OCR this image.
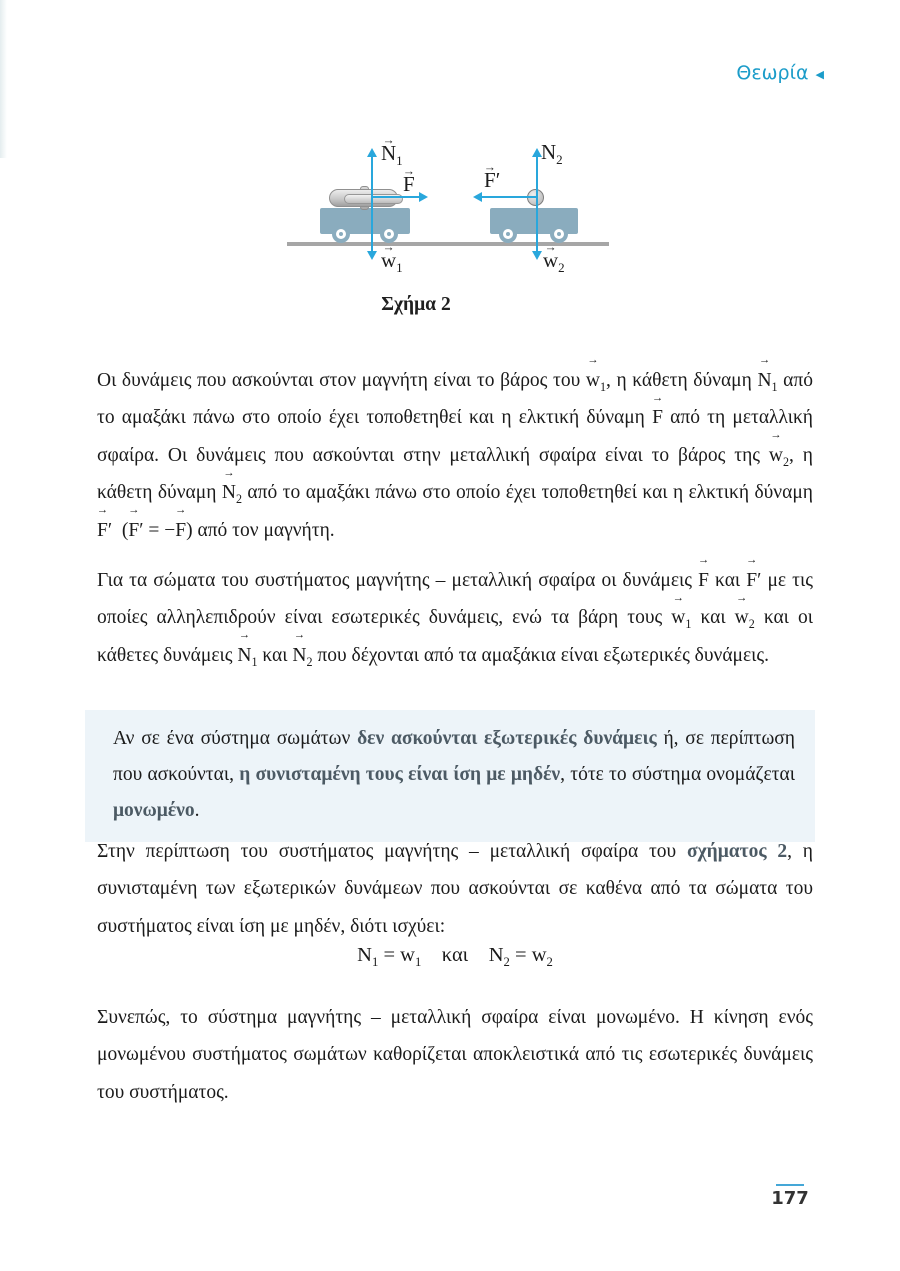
Θεωρία ◀
$N \to_1$
F →
$w \to_1$
$N_2$
F →′
$w \to_2$
Σχήμα 2
Οι δυνάμεις που ασκούνται στον μαγνήτη είναι το βάρος του $w \to_1$, η κάθετη δύναμη $N \to_1$ από το αμαξάκι πάνω στο οποίο έχει τοποθετηθεί και η ελκτική δύναμη F → από τη μεταλλική σφαίρα. Οι δυνάμεις που ασκούνται στην μεταλλική σφαίρα είναι το βάρος της $w \to_2$, η κάθετη δύναμη $N \to_2$ από το αμαξάκι πάνω στο οποίο έχει τοποθετηθεί και η ελκτική δύναμη F →′  (F →′ = −F →) από τον μαγνήτη.
Για τα σώματα του συστήματος μαγνήτης – μεταλλική σφαίρα οι δυνάμεις F → και F →′ με τις οποίες αλληλεπιδρούν είναι εσωτερικές δυνάμεις, ενώ τα βάρη τους $w \to_1$ και $w \to_2$ και οι κάθετες δυνάμεις $N \to_1$ και $N \to_2$ που δέχονται από τα αμαξάκια είναι εξωτερικές δυνάμεις.
Αν σε ένα σύστημα σωμάτων δεν ασκούνται εξωτερικές δυνάμεις ή, σε περίπτωση που ασκούνται, η συνισταμένη τους είναι ίση με μηδέν, τότε το σύστημα ονομάζεται μονωμένο.
Στην περίπτωση του συστήματος μαγνήτης – μεταλλική σφαίρα του σχήματος 2, η συνισταμένη των εξωτερικών δυνάμεων που ασκούνται σε καθένα από τα σώματα του συστήματος είναι ίση με μηδέν, διότι ισχύει:
$N_1 = w_1$  και  $N_2 = w_2$
Συνεπώς, το σύστημα μαγνήτης – μεταλλική σφαίρα είναι μονωμένο. Η κίνηση ενός μονωμένου συστήματος σωμάτων καθορίζεται αποκλειστικά από τις εσωτερικές δυνάμεις του συστήματος.
177
